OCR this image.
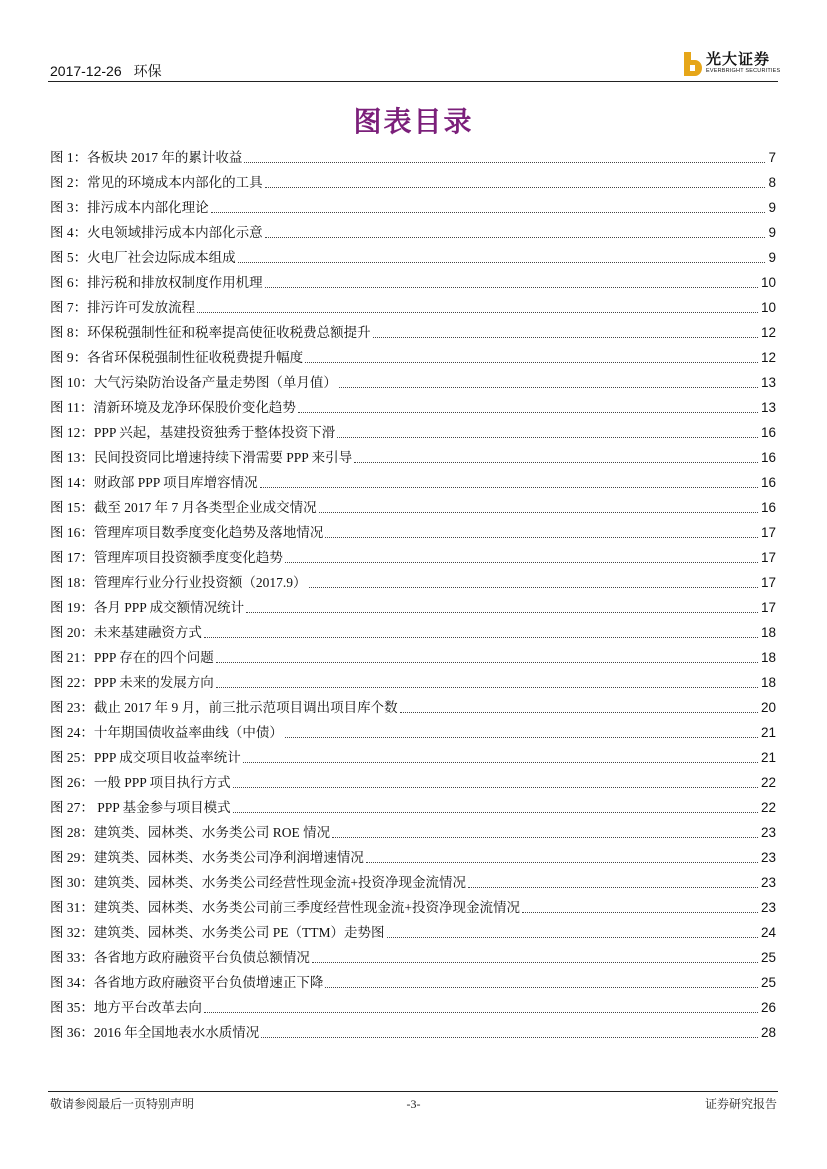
2017-12-26 环保
光大证券
EVERBRIGHT SECURITIES
图表目录
图 1：各板块 2017 年的累计收益	7
图 2：常见的环境成本内部化的工具	8
图 3：排污成本内部化理论	9
图 4：火电领域排污成本内部化示意	9
图 5：火电厂社会边际成本组成	9
图 6：排污税和排放权制度作用机理	10
图 7：排污许可发放流程	10
图 8：环保税强制性征和税率提高使征收税费总额提升	12
图 9：各省环保税强制性征收税费提升幅度	12
图 10：大气污染防治设备产量走势图（单月值）	13
图 11：清新环境及龙净环保股价变化趋势	13
图 12：PPP 兴起，基建投资独秀于整体投资下滑	16
图 13：民间投资同比增速持续下滑需要 PPP 来引导	16
图 14：财政部 PPP 项目库增容情况	16
图 15：截至 2017 年 7 月各类型企业成交情况	16
图 16：管理库项目数季度变化趋势及落地情况	17
图 17：管理库项目投资额季度变化趋势	17
图 18：管理库行业分行业投资额（2017.9）	17
图 19：各月 PPP 成交额情况统计	17
图 20：未来基建融资方式	18
图 21：PPP 存在的四个问题	18
图 22：PPP 未来的发展方向	18
图 23：截止 2017 年 9 月，前三批示范项目调出项目库个数	20
图 24：十年期国债收益率曲线（中债）	21
图 25：PPP 成交项目收益率统计	21
图 26：一般 PPP 项目执行方式	22
图 27： PPP 基金参与项目模式	22
图 28：建筑类、园林类、水务类公司 ROE 情况	23
图 29：建筑类、园林类、水务类公司净利润增速情况	23
图 30：建筑类、园林类、水务类公司经营性现金流+投资净现金流情况	23
图 31：建筑类、园林类、水务类公司前三季度经营性现金流+投资净现金流情况	23
图 32：建筑类、园林类、水务类公司 PE（TTM）走势图	24
图 33：各省地方政府融资平台负债总额情况	25
图 34：各省地方政府融资平台负债增速正下降	25
图 35：地方平台改革去向	26
图 36：2016 年全国地表水水质情况	28
敬请参阅最后一页特别声明	-3-	证券研究报告
